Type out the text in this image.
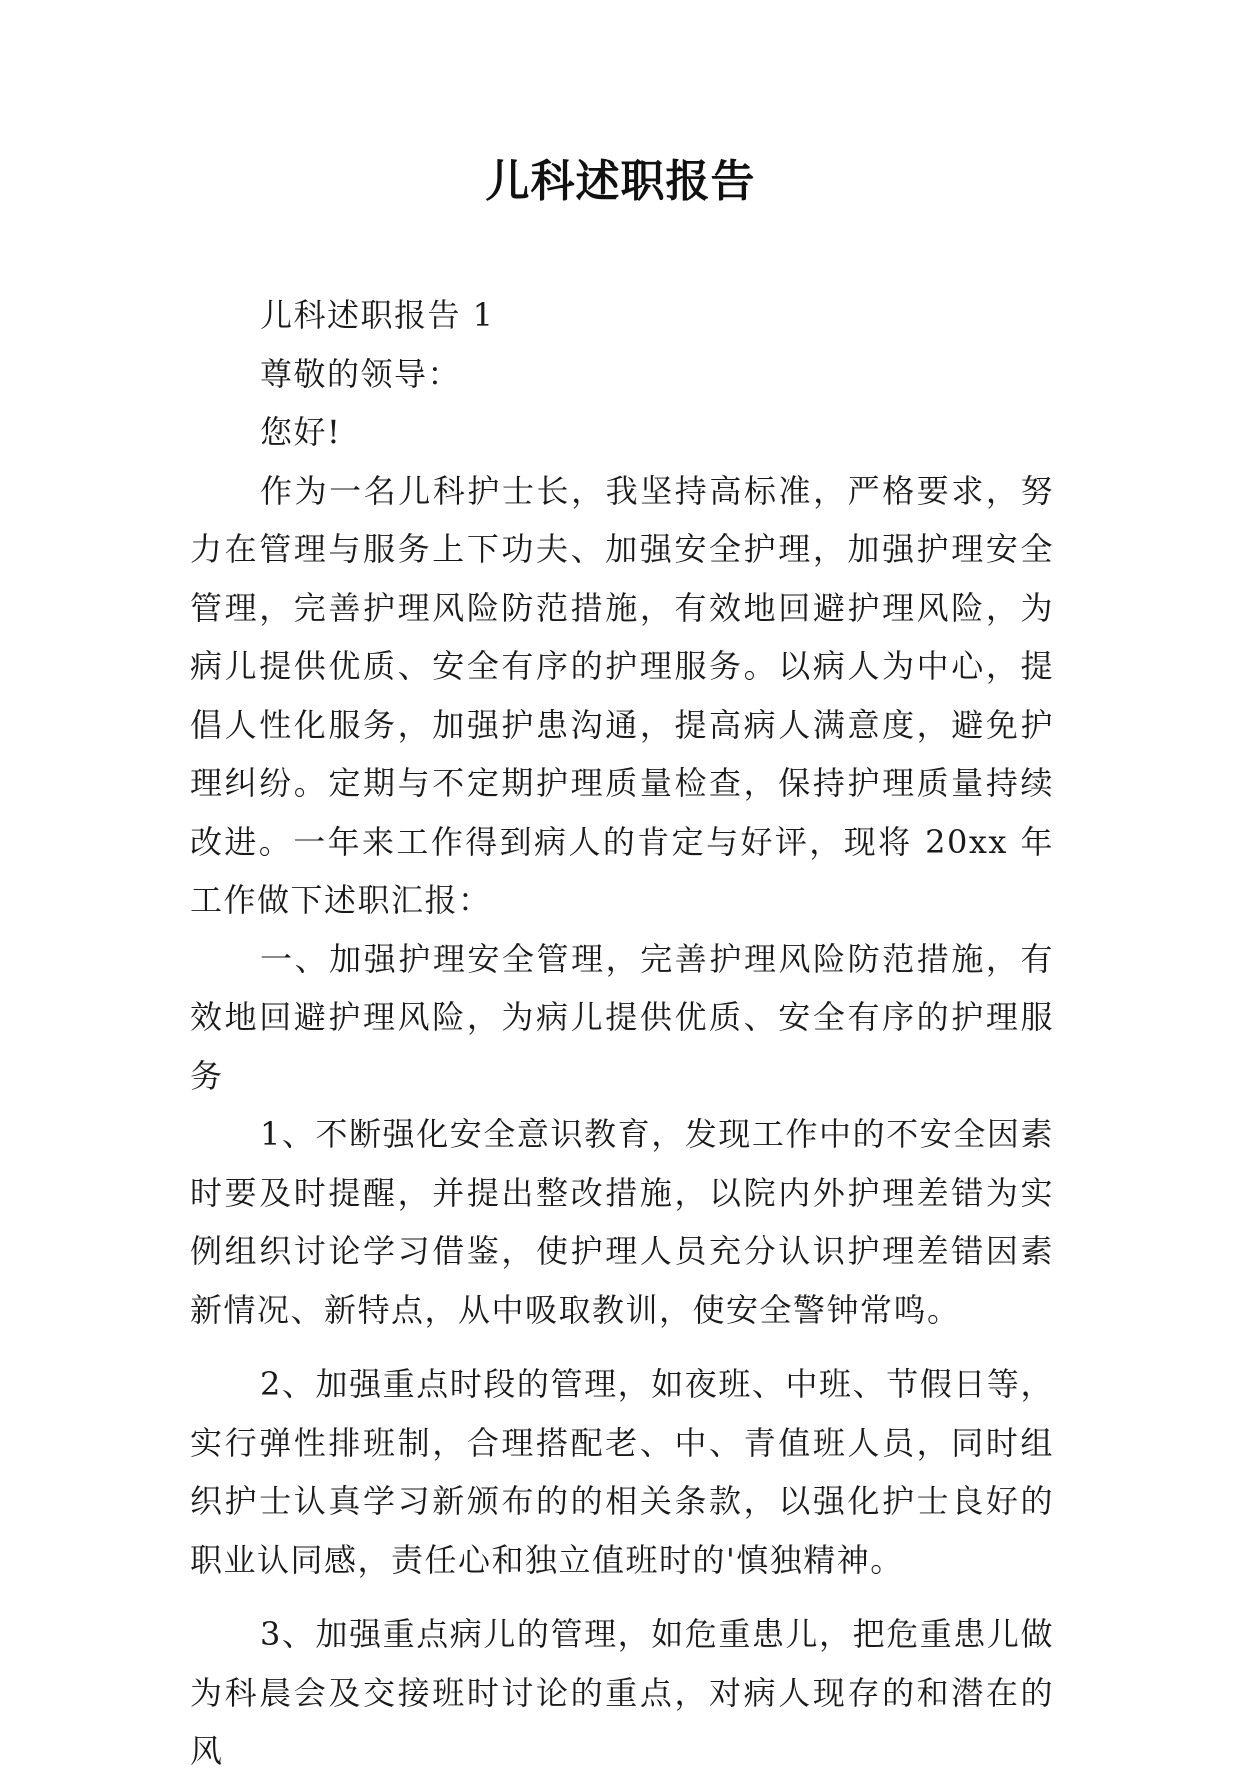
儿科述职报告

儿科述职报告 1

尊敬的领导：

您好!

作为一名儿科护士长，我坚持高标准，严格要求，努力在管理与服务上下功夫、加强安全护理，加强护理安全管理，完善护理风险防范措施，有效地回避护理风险，为病儿提供优质、安全有序的护理服务。以病人为中心，提倡人性化服务，加强护患沟通，提高病人满意度，避免护理纠纷。定期与不定期护理质量检查，保持护理质量持续改进。一年来工作得到病人的肯定与好评，现将 20xx 年工作做下述职汇报：

一、加强护理安全管理，完善护理风险防范措施，有效地回避护理风险，为病儿提供优质、安全有序的护理服务

1、不断强化安全意识教育，发现工作中的不安全因素时要及时提醒，并提出整改措施，以院内外护理差错为实例组织讨论学习借鉴，使护理人员充分认识护理差错因素新情况、新特点，从中吸取教训，使安全警钟常鸣。

2、加强重点时段的管理，如夜班、中班、节假日等，实行弹性排班制，合理搭配老、中、青值班人员，同时组织护士认真学习新颁布的的相关条款，以强化护士良好的职业认同感，责任心和独立值班时的'慎独精神。

3、加强重点病儿的管理，如危重患儿，把危重患儿做为科晨会及交接班时讨论的重点，对病人现存的和潜在的风
